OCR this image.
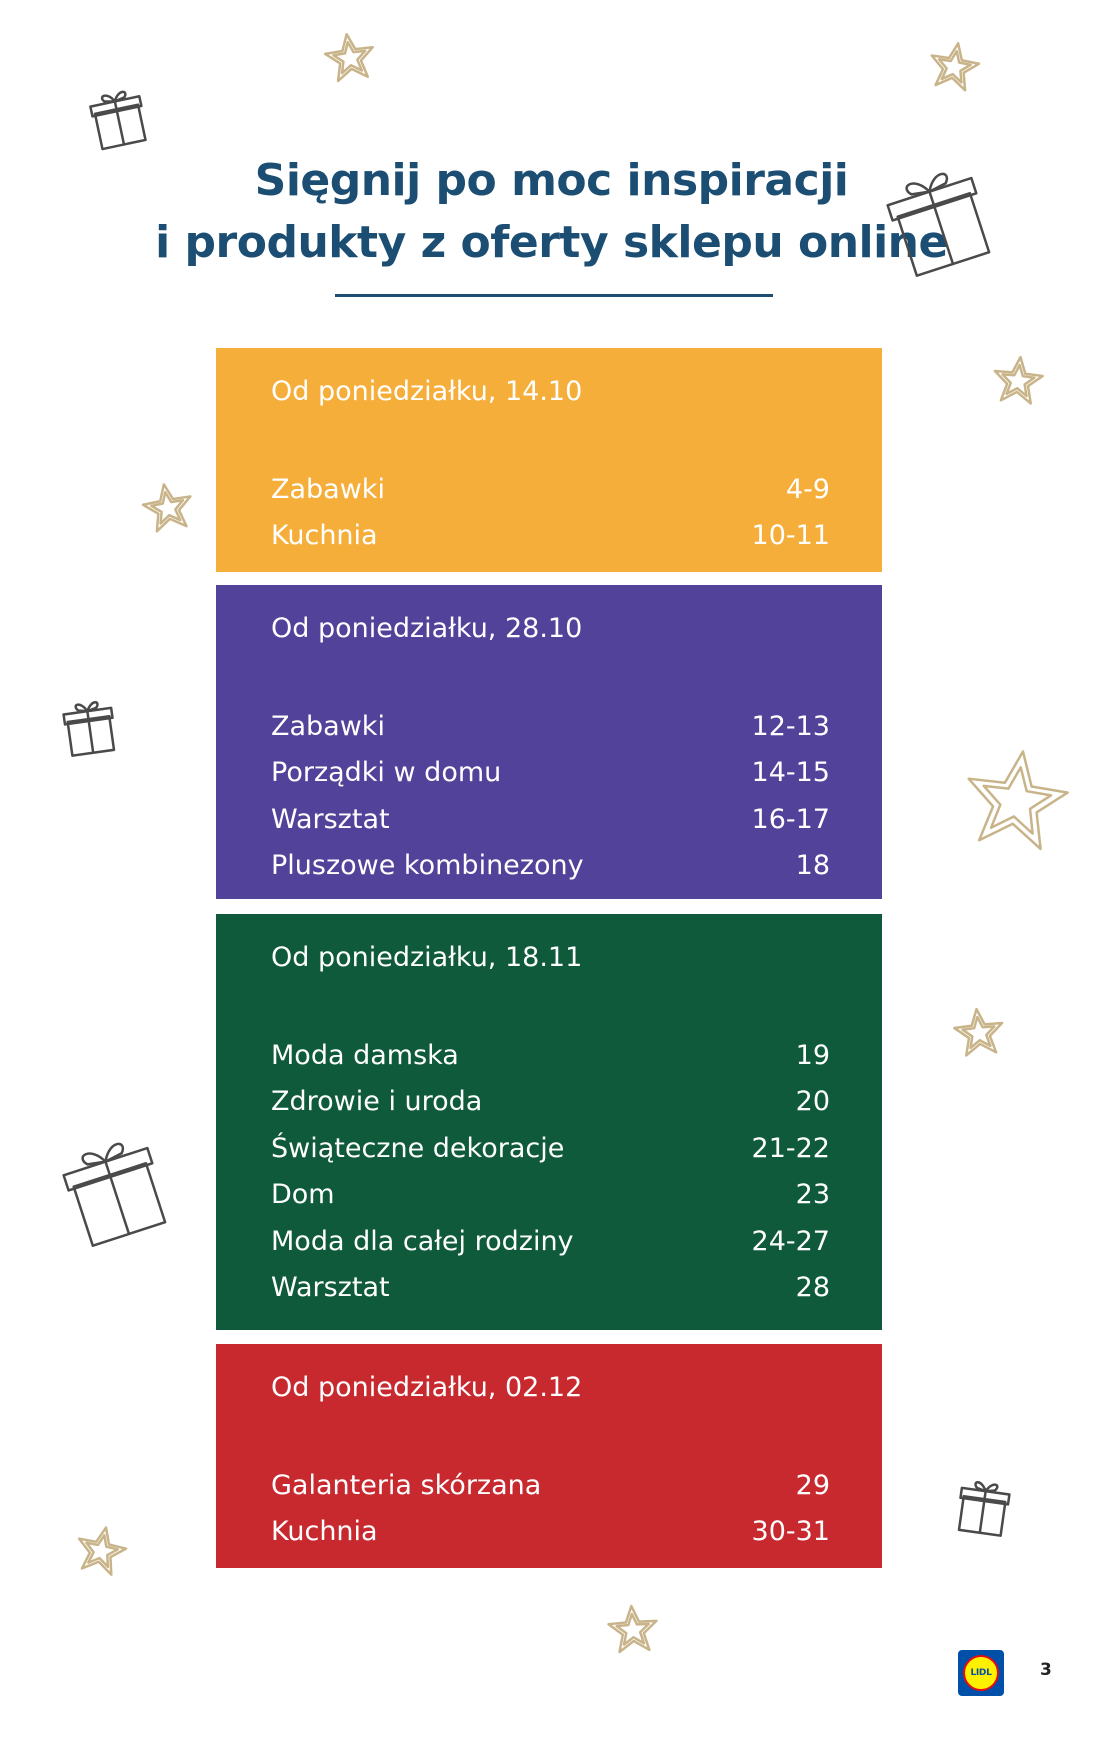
Sięgnij po moc inspiracji
i produkty z oferty sklepu online
Od poniedziałku, 14.10
Zabawki	4-9
Kuchnia	10-11
Od poniedziałku, 28.10
Zabawki	12-13
Porządki w domu	14-15
Warsztat	16-17
Pluszowe kombinezony	18
Od poniedziałku, 18.11
Moda damska	19
Zdrowie i uroda	20
Świąteczne dekoracje	21-22
Dom	23
Moda dla całej rodziny	24-27
Warsztat	28
Od poniedziałku, 02.12
Galanteria skórzana	29
Kuchnia	30-31
LIDL	3
